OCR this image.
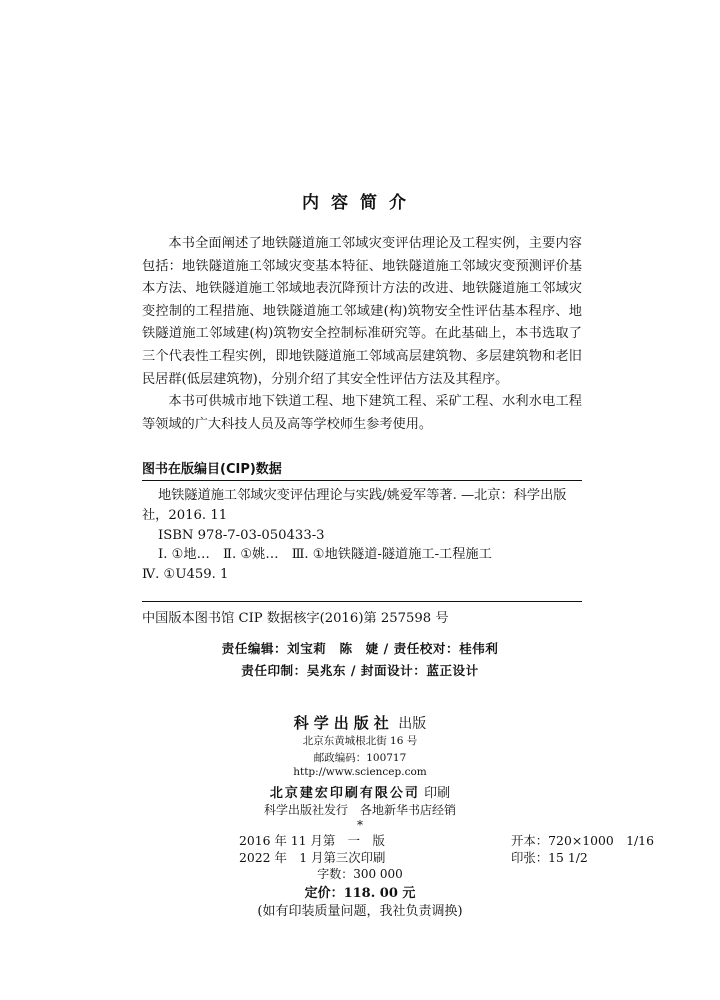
内容简介

本书全面阐述了地铁隧道施工邻域灾变评估理论及工程实例，主要内容包括：地铁隧道施工邻域灾变基本特征、地铁隧道施工邻域灾变预测评价基本方法、地铁隧道施工邻域地表沉降预计方法的改进、地铁隧道施工邻域灾变控制的工程措施、地铁隧道施工邻域建(构)筑物安全性评估基本程序、地铁隧道施工邻域建(构)筑物安全控制标准研究等。在此基础上，本书选取了三个代表性工程实例，即地铁隧道施工邻域高层建筑物、多层建筑物和老旧民居群(低层建筑物)，分别介绍了其安全性评估方法及其程序。

本书可供城市地下铁道工程、地下建筑工程、采矿工程、水利水电工程等领域的广大科技人员及高等学校师生参考使用。

图书在版编目(CIP)数据
地铁隧道施工邻域灾变评估理论与实践/姚爱军等著. —北京：科学出版
社，2016. 11
ISBN 978-7-03-050433-3
Ⅰ. ①地…　Ⅱ. ①姚…　Ⅲ. ①地铁隧道-隧道施工-工程施工
Ⅳ. ①U459. 1
中国版本图书馆 CIP 数据核字(2016)第 257598 号
责任编辑：刘宝莉　陈　婕 / 责任校对：桂伟利
责任印制：吴兆东 / 封面设计：蓝正设计
科学出版社 出版
北京东黄城根北街 16 号
邮政编码：100717
http://www.sciencep.com
北京建宏印刷有限公司 印刷
科学出版社发行　各地新华书店经销
*
2016 年 11 月第　一　版	开本：720×1000　1/16
2022 年　1 月第三次印刷	印张：15 1/2
字数：300 000
定价：118. 00 元
(如有印装质量问题，我社负责调换)
